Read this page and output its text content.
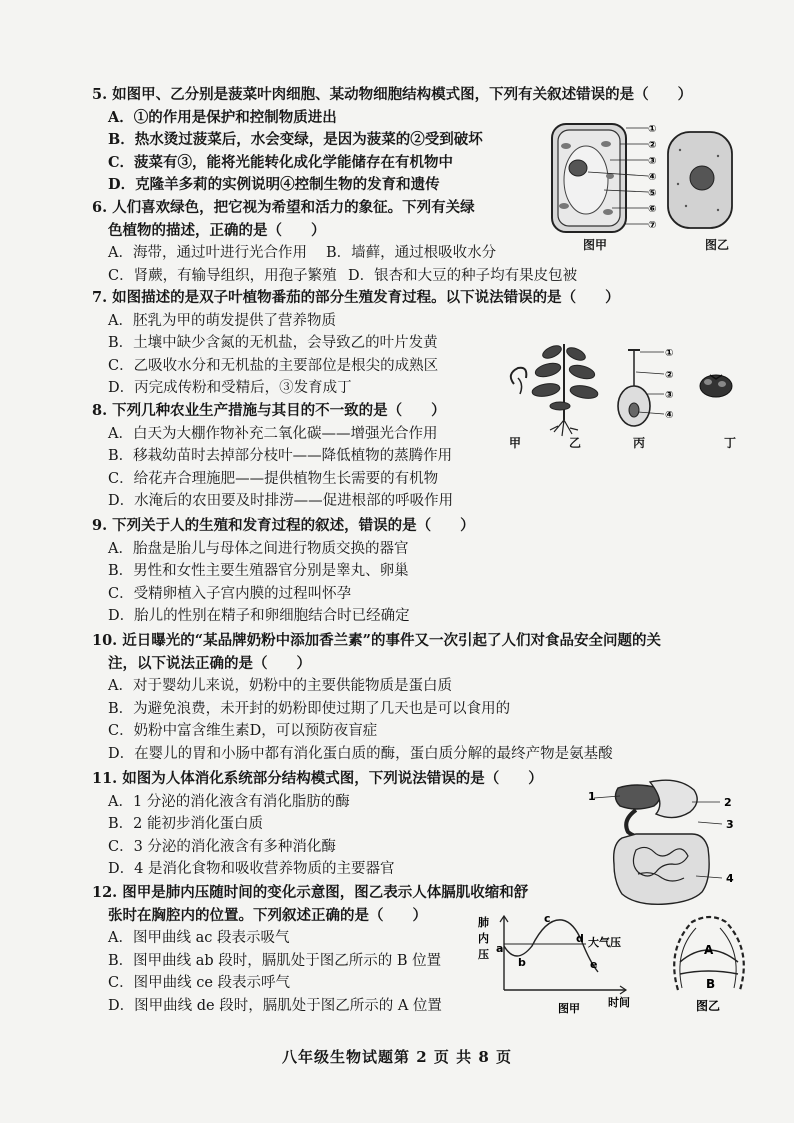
5. 如图甲、乙分别是菠菜叶肉细胞、某动物细胞结构模式图，下列有关叙述错误的是（　　）
A．①的作用是保护和控制物质进出
B．热水烫过菠菜后，水会变绿，是因为菠菜的②受到破坏
C．菠菜有③，能将光能转化成化学能储存在有机物中
D．克隆羊多莉的实例说明④控制生物的发育和遗传
①
②
③
④
⑤
⑥
⑦
图甲	图乙
6. 人们喜欢绿色，把它视为希望和活力的象征。下列有关绿
色植物的描述，正确的是（　　）
A．海带，通过叶进行光合作用 B．墙藓，通过根吸收水分
C．肾蕨，有输导组织，用孢子繁殖 D．银杏和大豆的种子均有果皮包被
7. 如图描述的是双子叶植物番茄的部分生殖发育过程。以下说法错误的是（　　）
A．胚乳为甲的萌发提供了营养物质
B．土壤中缺少含氮的无机盐，会导致乙的叶片发黄
C．乙吸收水分和无机盐的主要部位是根尖的成熟区
D．丙完成传粉和受精后，③发育成丁
①
②
③
④
甲	乙	丙	丁
8. 下列几种农业生产措施与其目的不一致的是（　　）
A．白天为大棚作物补充二氧化碳——增强光合作用
B．移栽幼苗时去掉部分枝叶——降低植物的蒸腾作用
C．给花卉合理施肥——提供植物生长需要的有机物
D．水淹后的农田要及时排涝——促进根部的呼吸作用
9. 下列关于人的生殖和发育过程的叙述，错误的是（　　）
A．胎盘是胎儿与母体之间进行物质交换的器官
B．男性和女性主要生殖器官分别是睾丸、卵巢
C．受精卵植入子宫内膜的过程叫怀孕
D．胎儿的性别在精子和卵细胞结合时已经确定
10. 近日曝光的“某品牌奶粉中添加香兰素”的事件又一次引起了人们对食品安全问题的关
注，以下说法正确的是（　　）
A．对于婴幼儿来说，奶粉中的主要供能物质是蛋白质
B．为避免浪费，未开封的奶粉即使过期了几天也是可以食用的
C．奶粉中富含维生素D，可以预防夜盲症
D．在婴儿的胃和小肠中都有消化蛋白质的酶，蛋白质分解的最终产物是氨基酸
11. 如图为人体消化系统部分结构模式图，下列说法错误的是（　　）
A．1 分泌的消化液含有消化脂肪的酶
B．2 能初步消化蛋白质
C．3 分泌的消化液含有多种消化酶
D．4 是消化食物和吸收营养物质的主要器官
1	2
3
4
12. 图甲是肺内压随时间的变化示意图，图乙表示人体膈肌收缩和舒
张时在胸腔内的位置。下列叙述正确的是（　　）
A．图甲曲线 ac 段表示吸气
B．图甲曲线 ab 段时，膈肌处于图乙所示的 B 位置
C．图甲曲线 ce 段表示呼气
D．图甲曲线 de 段时，膈肌处于图乙所示的 A 位置
肺
内
压 a
b
c
d
e
大气压
时间
图甲
A
B
图乙
八年级生物试题第 2 页 共 8 页
